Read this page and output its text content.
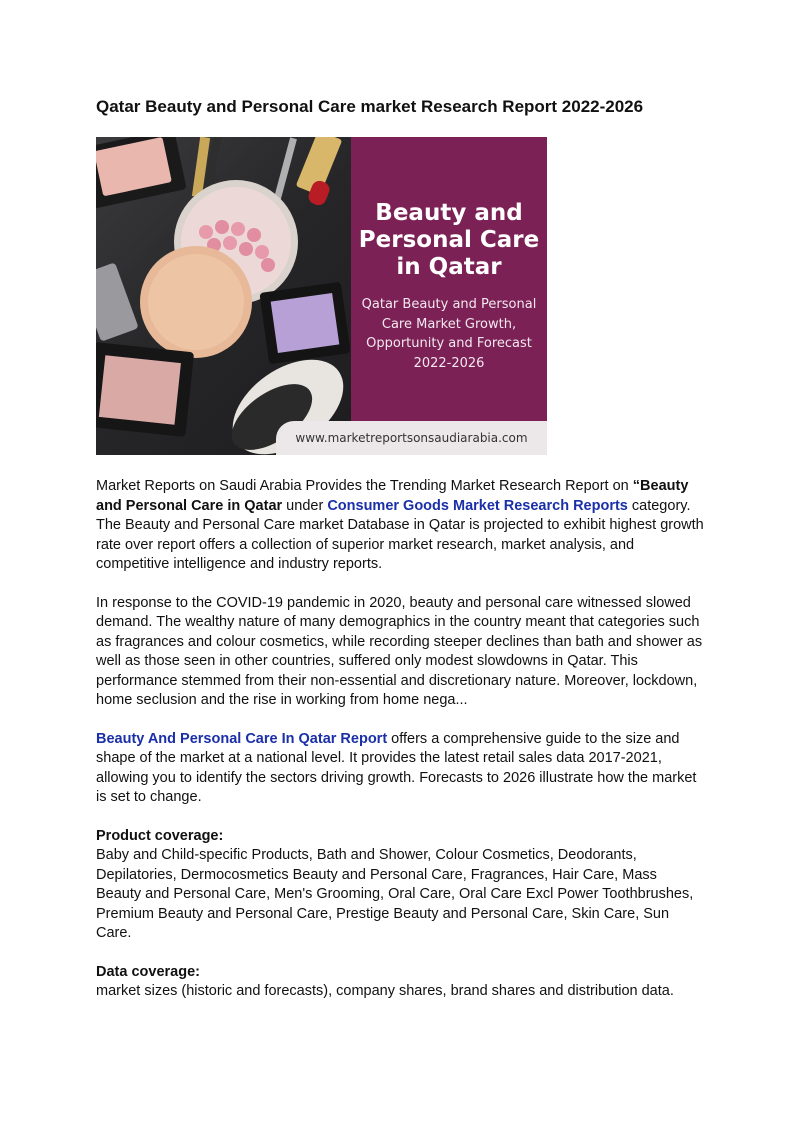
Qatar Beauty and Personal Care market Research Report 2022-2026
Beauty and
Personal Care
in Qatar
Qatar Beauty and Personal
Care Market Growth,
Opportunity and Forecast
2022-2026
www.marketreportsonsaudiarabia.com

Market Reports on Saudi Arabia Provides the Trending Market Research Report on “Beauty and Personal Care in Qatar under Consumer Goods Market Research Reports category. The Beauty and Personal Care market Database in Qatar is projected to exhibit highest growth rate over report offers a collection of superior market research, market analysis, and competitive intelligence and industry reports.

In response to the COVID-19 pandemic in 2020, beauty and personal care witnessed slowed demand. The wealthy nature of many demographics in the country meant that categories such as fragrances and colour cosmetics, while recording steeper declines than bath and shower as well as those seen in other countries, suffered only modest slowdowns in Qatar. This performance stemmed from their non-essential and discretionary nature. Moreover, lockdown, home seclusion and the rise in working from home nega...

Beauty And Personal Care In Qatar Report offers a comprehensive guide to the size and shape of the market at a national level. It provides the latest retail sales data 2017-2021, allowing you to identify the sectors driving growth. Forecasts to 2026 illustrate how the market is set to change.

Product coverage:

Baby and Child-specific Products, Bath and Shower, Colour Cosmetics, Deodorants, Depilatories, Dermocosmetics Beauty and Personal Care, Fragrances, Hair Care, Mass Beauty and Personal Care, Men's Grooming, Oral Care, Oral Care Excl Power Toothbrushes, Premium Beauty and Personal Care, Prestige Beauty and Personal Care, Skin Care, Sun Care.

Data coverage:

market sizes (historic and forecasts), company shares, brand shares and distribution data.
